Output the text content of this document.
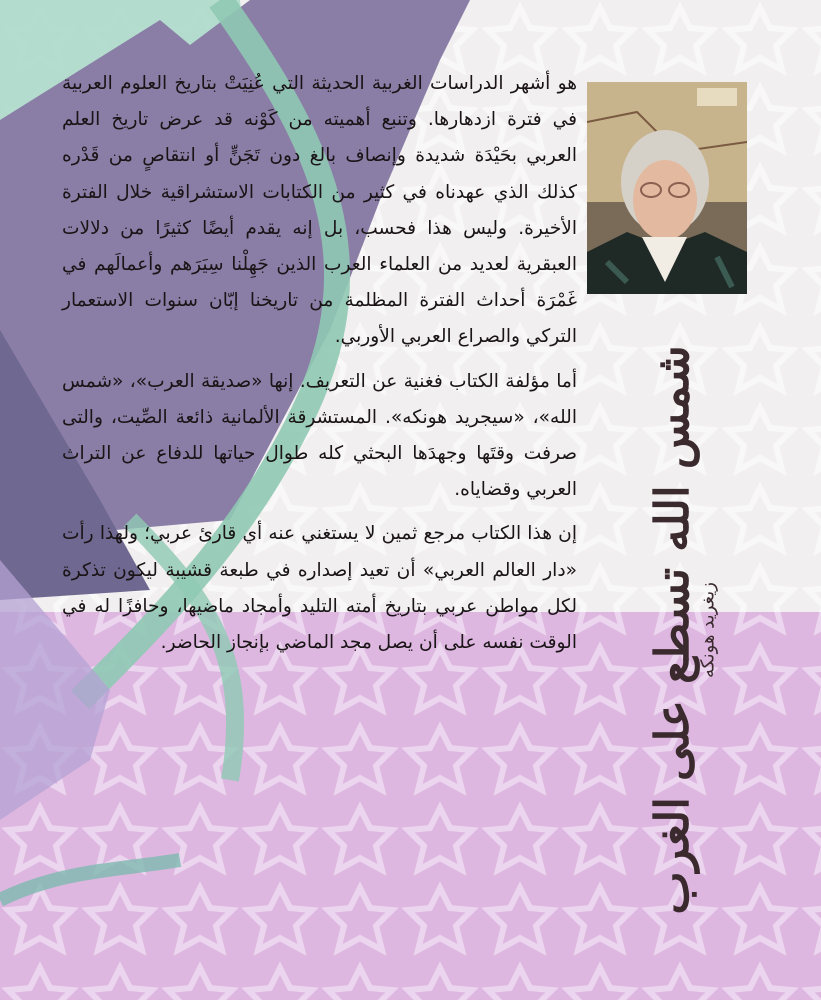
شمس الله تسطع على الغرب
زيغريد هونكه

هو أشهر الدراسات الغربية الحديثة التي عُنِيَتْ بتاريخ العلوم العربية في فترة ازدهارها. وتنبع أهميته من كَوْنه قد عرض تاريخ العلم العربي بحَيْدَة شديدة وإنصاف بالغ دون تَجَنٍّ أو انتقاصٍ من قَدْره كذلك الذي عهدناه في كثير من الكتابات الاستشراقية خلال الفترة الأخيرة. وليس هذا فحسب، بل إنه يقدم أيضًا كثيرًا من دلالات العبقرية لعديد من العلماء العرب الذين جَهِلْنا سِيَرَهم وأعمالَهم في غَمْرَة أحداث الفترة المظلمة من تاريخنا إبّان سنوات الاستعمار التركي والصراع العربي الأوربي.

أما مؤلفة الكتاب فغنية عن التعريف. إنها «صديقة العرب»، «شمس الله»، «سيجريد هونكه». المستشرقة الألمانية ذائعة الصِّيت، والتى صرفت وقتَها وجهدَها البحثي كله طوال حياتها للدفاع عن التراث العربي وقضاياه.

إن هذا الكتاب مرجع ثمين لا يستغني عنه أي قارئ عربي؛ ولهذا رأت «دار العالم العربي» أن تعيد إصداره في طبعة قشيبة ليكون تذكرة لكل مواطن عربي بتاريخ أمته التليد وأمجاد ماضيها، وحافزًا له في الوقت نفسه على أن يصل مجد الماضي بإنجاز الحاضر.
